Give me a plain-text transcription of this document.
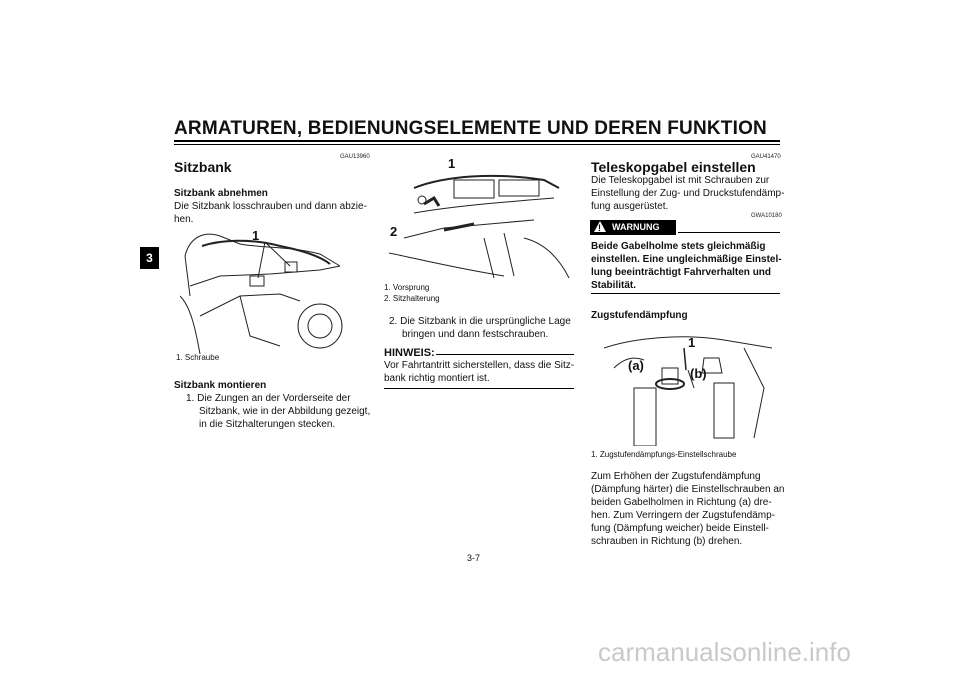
ARMATUREN, BEDIENUNGSELEMENTE UND DEREN FUNKTION
3
GAU13960
Sitzbank
Sitzbank abnehmen
Die Sitzbank losschrauben und dann abzie-
hen.
1
1. Schraube
Sitzbank montieren
1. Die Zungen an der Vorderseite der
Sitzbank, wie in der Abbildung gezeigt,
in die Sitzhalterungen stecken.
1
2
1. Vorsprung
2. Sitzhalterung
2. Die Sitzbank in die ursprüngliche Lage
bringen und dann festschrauben.
HINWEIS:
Vor Fahrtantritt sicherstellen, dass die Sitz-
bank richtig montiert ist.
GAU41470
Teleskopgabel einstellen
Die Teleskopgabel ist mit Schrauben zur
Einstellung der Zug- und Druckstufendämp-
fung ausgerüstet.
GWA10180
! WARNUNG
Beide Gabelholme stets gleichmäßig
einstellen. Eine ungleichmäßige Einstel-
lung beeinträchtigt Fahrverhalten und
Stabilität.
Zugstufendämpfung
(a)
1
(b)
1. Zugstufendämpfungs-Einstellschraube
Zum Erhöhen der Zugstufendämpfung
(Dämpfung härter) die Einstellschrauben an
beiden Gabelholmen in Richtung (a) dre-
hen. Zum Verringern der Zugstufendämp-
fung (Dämpfung weicher) beide Einstell-
schrauben in Richtung (b) drehen.
3-7
carmanualsonline.info
